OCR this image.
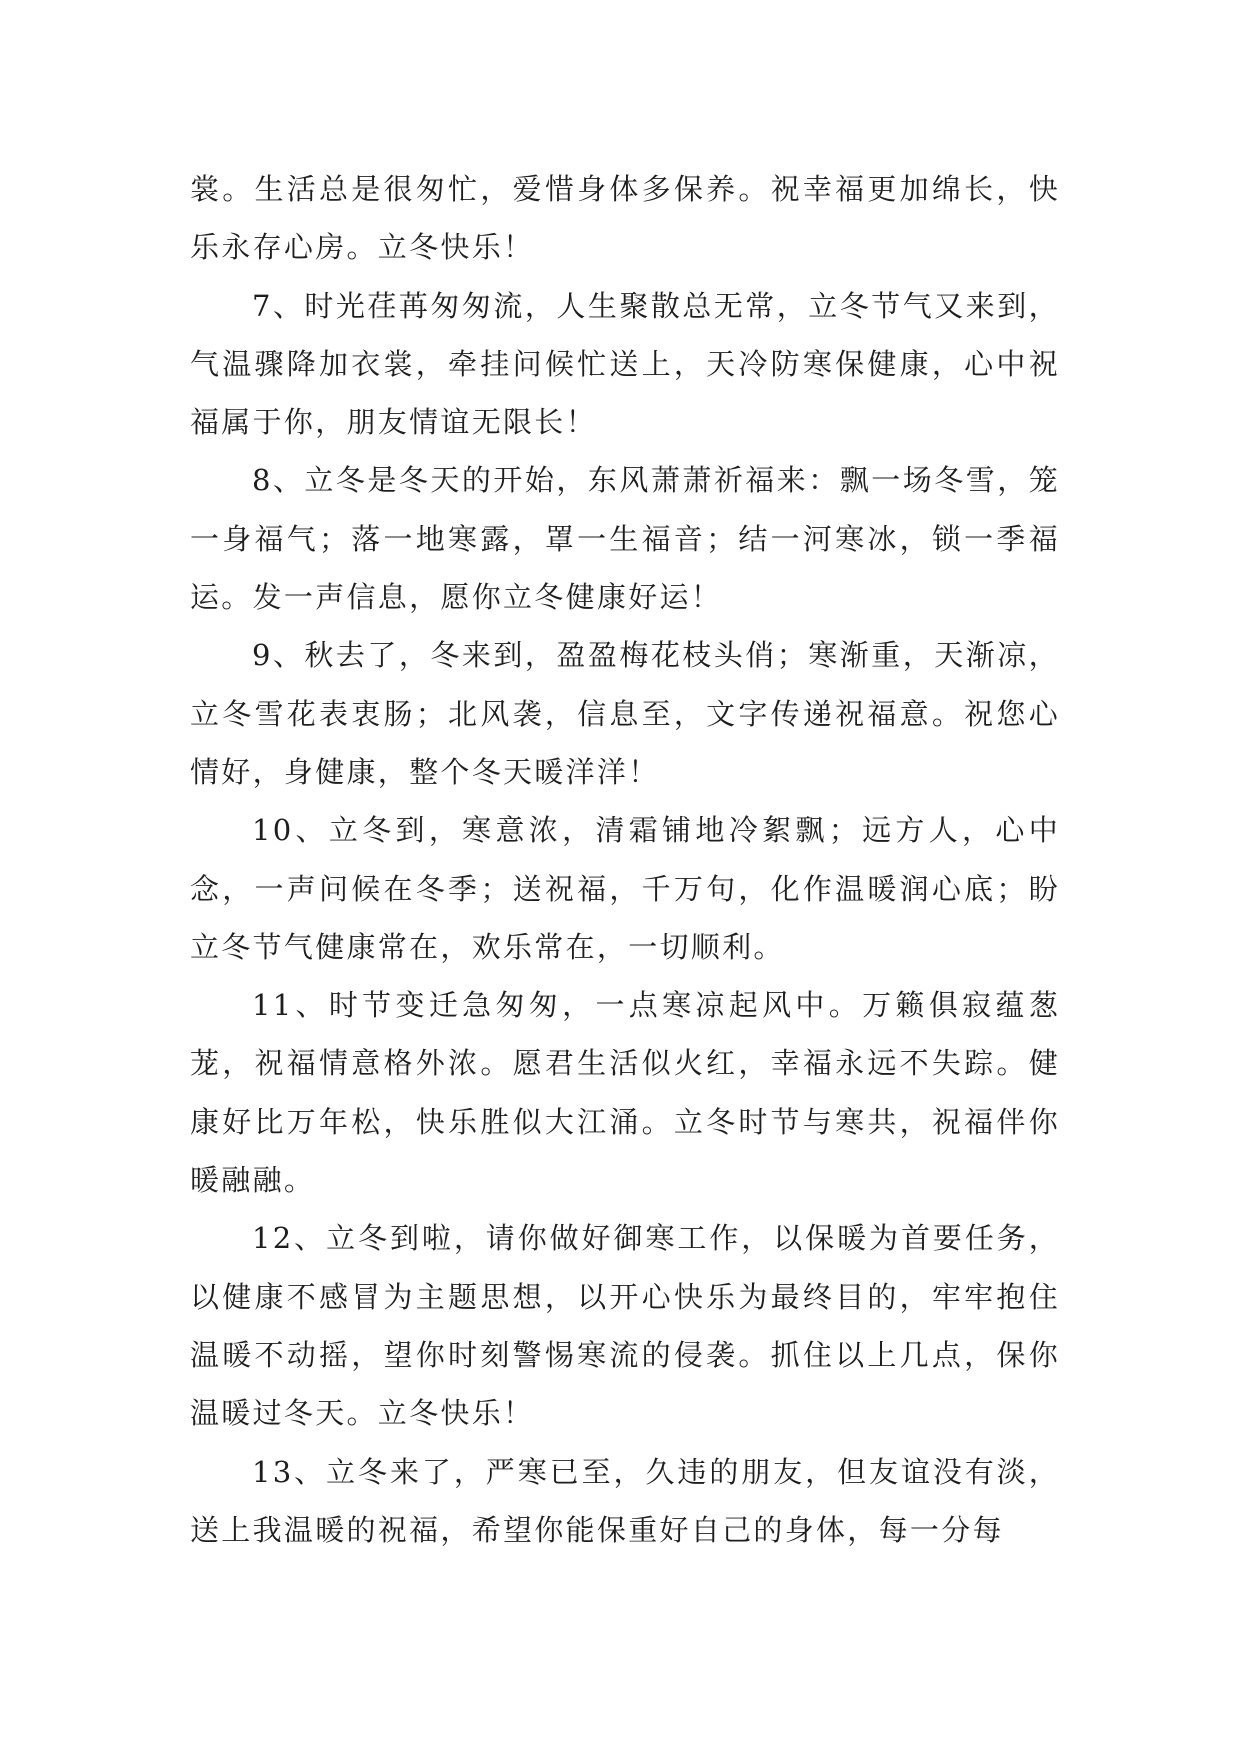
裳。生活总是很匆忙，爱惜身体多保养。祝幸福更加绵长，快乐永存心房。立冬快乐！

7、时光荏苒匆匆流，人生聚散总无常，立冬节气又来到，气温骤降加衣裳，牵挂问候忙送上，天冷防寒保健康，心中祝福属于你，朋友情谊无限长！

8、立冬是冬天的开始，东风萧萧祈福来：飘一场冬雪，笼一身福气；落一地寒露，罩一生福音；结一河寒冰，锁一季福运。发一声信息，愿你立冬健康好运！

9、秋去了，冬来到，盈盈梅花枝头俏；寒渐重，天渐凉，立冬雪花表衷肠；北风袭，信息至，文字传递祝福意。祝您心情好，身健康，整个冬天暖洋洋！

10、立冬到，寒意浓，清霜铺地冷絮飘；远方人，心中念，一声问候在冬季；送祝福，千万句，化作温暖润心底；盼立冬节气健康常在，欢乐常在，一切顺利。

11、时节变迁急匆匆，一点寒凉起风中。万籁俱寂蕴葱茏，祝福情意格外浓。愿君生活似火红，幸福永远不失踪。健康好比万年松，快乐胜似大江涌。立冬时节与寒共，祝福伴你暖融融。

12、立冬到啦，请你做好御寒工作，以保暖为首要任务，以健康不感冒为主题思想，以开心快乐为最终目的，牢牢抱住温暖不动摇，望你时刻警惕寒流的侵袭。抓住以上几点，保你温暖过冬天。立冬快乐！

13、立冬来了，严寒已至，久违的朋友，但友谊没有淡，送上我温暖的祝福，希望你能保重好自己的身体，每一分每
